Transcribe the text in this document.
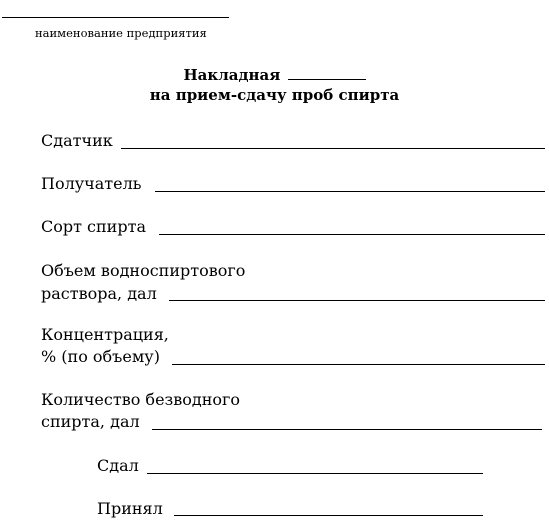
наименование предприятия
Накладная
на прием-сдачу проб спирта
Сдатчик
Получатель
Сорт спирта
Объем водноспиртового
раствора, дал
Концентрация,
% (по объему)
Количество безводного
спирта, дал
Сдал
Принял
